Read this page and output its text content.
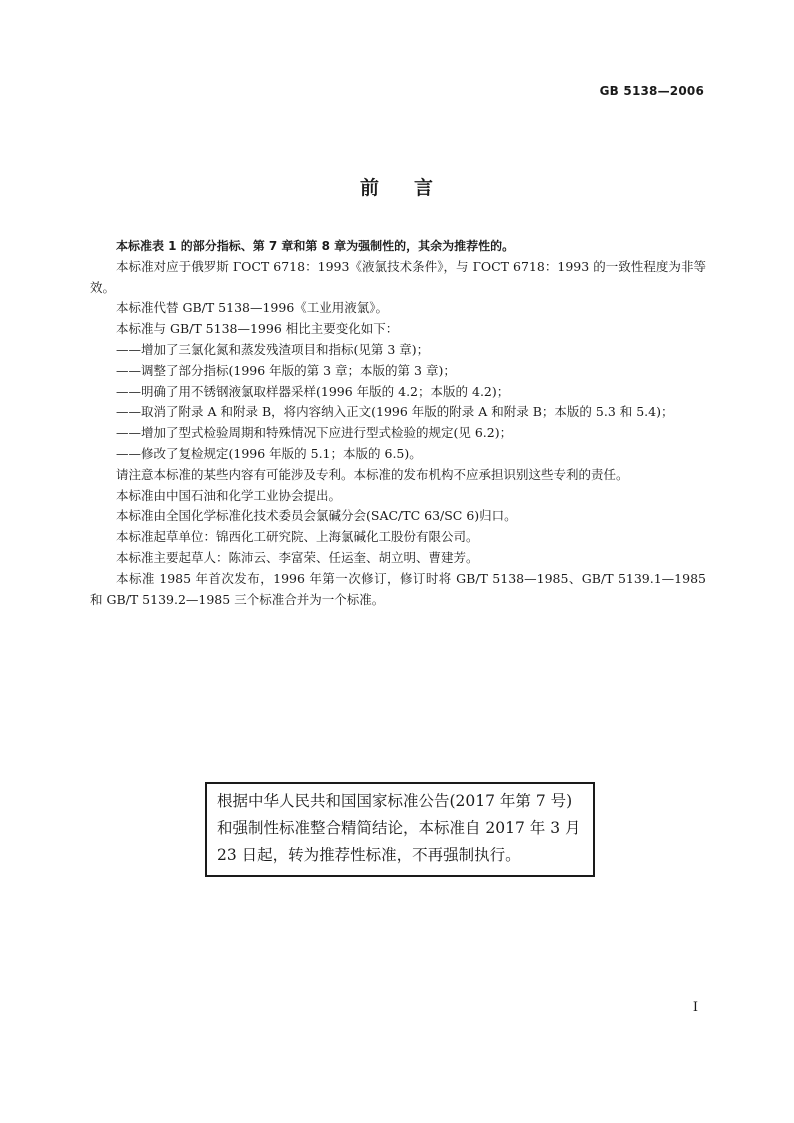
GB 5138—2006
前 言

本标准表 1 的部分指标、第 7 章和第 8 章为强制性的，其余为推荐性的。

本标准对应于俄罗斯 ГОСТ 6718：1993《液氯技术条件》，与 ГОСТ 6718：1993 的一致性程度为非等效。

本标准代替 GB/T 5138—1996《工业用液氯》。

本标准与 GB/T 5138—1996 相比主要变化如下：

——增加了三氯化氮和蒸发残渣项目和指标(见第 3 章)；

——调整了部分指标(1996 年版的第 3 章；本版的第 3 章)；

——明确了用不锈钢液氯取样器采样(1996 年版的 4.2；本版的 4.2)；

——取消了附录 A 和附录 B，将内容纳入正文(1996 年版的附录 A 和附录 B；本版的 5.3 和 5.4)；

——增加了型式检验周期和特殊情况下应进行型式检验的规定(见 6.2)；

——修改了复检规定(1996 年版的 5.1；本版的 6.5)。

请注意本标准的某些内容有可能涉及专利。本标准的发布机构不应承担识别这些专利的责任。

本标准由中国石油和化学工业协会提出。

本标准由全国化学标准化技术委员会氯碱分会(SAC/TC 63/SC 6)归口。

本标准起草单位：锦西化工研究院、上海氯碱化工股份有限公司。

本标准主要起草人：陈沛云、李富荣、任运奎、胡立明、曹建芳。

本标准 1985 年首次发布，1996 年第一次修订，修订时将 GB/T 5138—1985、GB/T 5139.1—1985 和 GB/T 5139.2—1985 三个标准合并为一个标准。

根据中华人民共和国国家标准公告(2017 年第 7 号)和强制性标准整合精简结论，本标准自 2017 年 3 月 23 日起，转为推荐性标准，不再强制执行。
I
